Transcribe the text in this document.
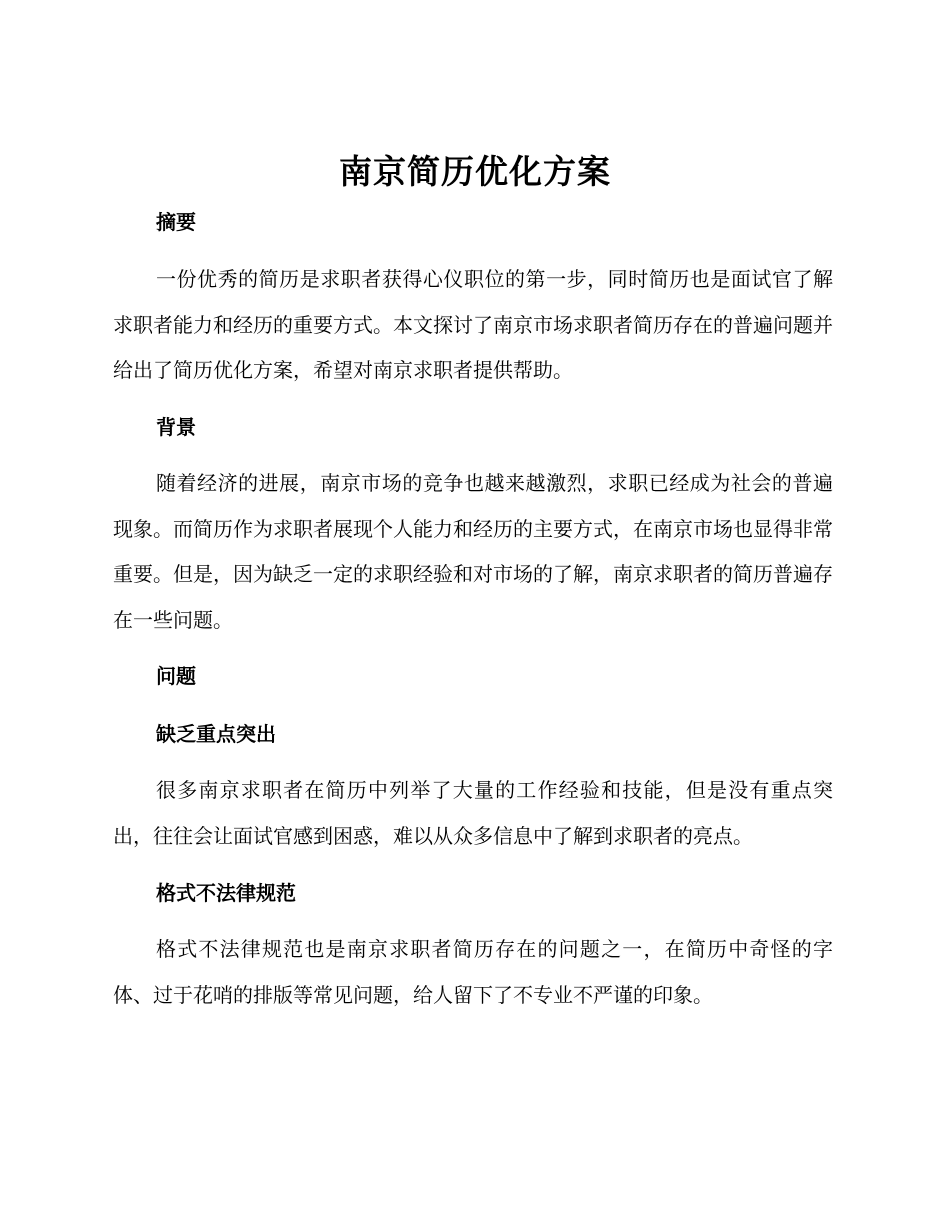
南京简历优化方案
摘要
一份优秀的简历是求职者获得心仪职位的第一步，同时简历也是面试官了解求职者能力和经历的重要方式。本文探讨了南京市场求职者简历存在的普遍问题并给出了简历优化方案，希望对南京求职者提供帮助。
背景
随着经济的进展，南京市场的竞争也越来越激烈，求职已经成为社会的普遍现象。而简历作为求职者展现个人能力和经历的主要方式，在南京市场也显得非常重要。但是，因为缺乏一定的求职经验和对市场的了解，南京求职者的简历普遍存在一些问题。
问题
缺乏重点突出
很多南京求职者在简历中列举了大量的工作经验和技能，但是没有重点突出，往往会让面试官感到困惑，难以从众多信息中了解到求职者的亮点。
格式不法律规范
格式不法律规范也是南京求职者简历存在的问题之一，在简历中奇怪的字体、过于花哨的排版等常见问题，给人留下了不专业不严谨的印象。
